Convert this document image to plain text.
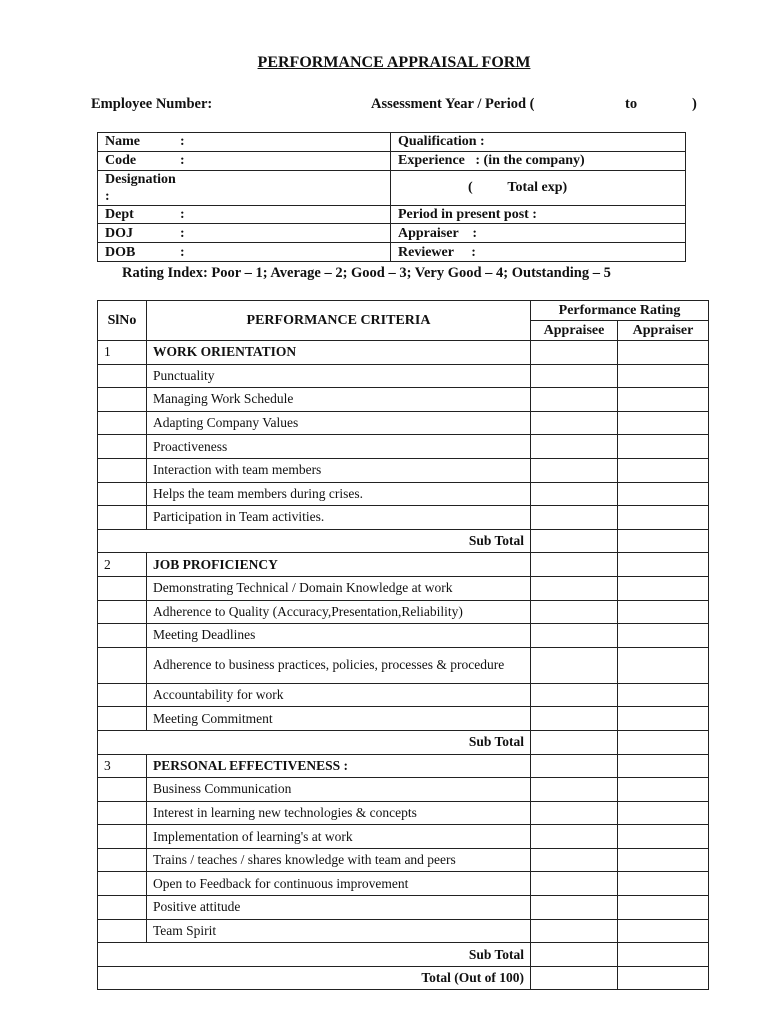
PERFORMANCE APPRAISAL FORM
Employee Number:	Assessment Year / Period (	to	)
Name :	Qualification :
Code :	Experience   : (in the company)
Designation :	(          Total exp)
Dept :	Period in present post :
DOJ :	Appraiser    :
DOB :	Reviewer     :
Rating Index: Poor – 1; Average – 2; Good – 3; Very Good – 4; Outstanding – 5
SlNo	PERFORMANCE CRITERIA	Performance Rating	
		Appraisee	Appraiser
1	WORK ORIENTATION		
	Punctuality		
	Managing Work Schedule		
	Adapting Company Values		
	Proactiveness		
	Interaction with team members		
	Helps the team members during crises.		
	Participation in Team activities.		
Sub Total			
2	JOB PROFICIENCY		
	Demonstrating Technical / Domain Knowledge at work		
	Adherence to Quality (Accuracy,Presentation,Reliability)		
	Meeting Deadlines		
	Adherence to business practices, policies, processes & procedure		
	Accountability for work		
	Meeting Commitment		
Sub Total			
3	PERSONAL EFFECTIVENESS :		
	Business Communication		
	Interest in learning new technologies & concepts		
	Implementation of learning's at work		
	Trains / teaches / shares knowledge with team and peers		
	Open to Feedback for continuous improvement		
	Positive attitude		
	Team Spirit		
Sub Total			
Total (Out of 100)			
